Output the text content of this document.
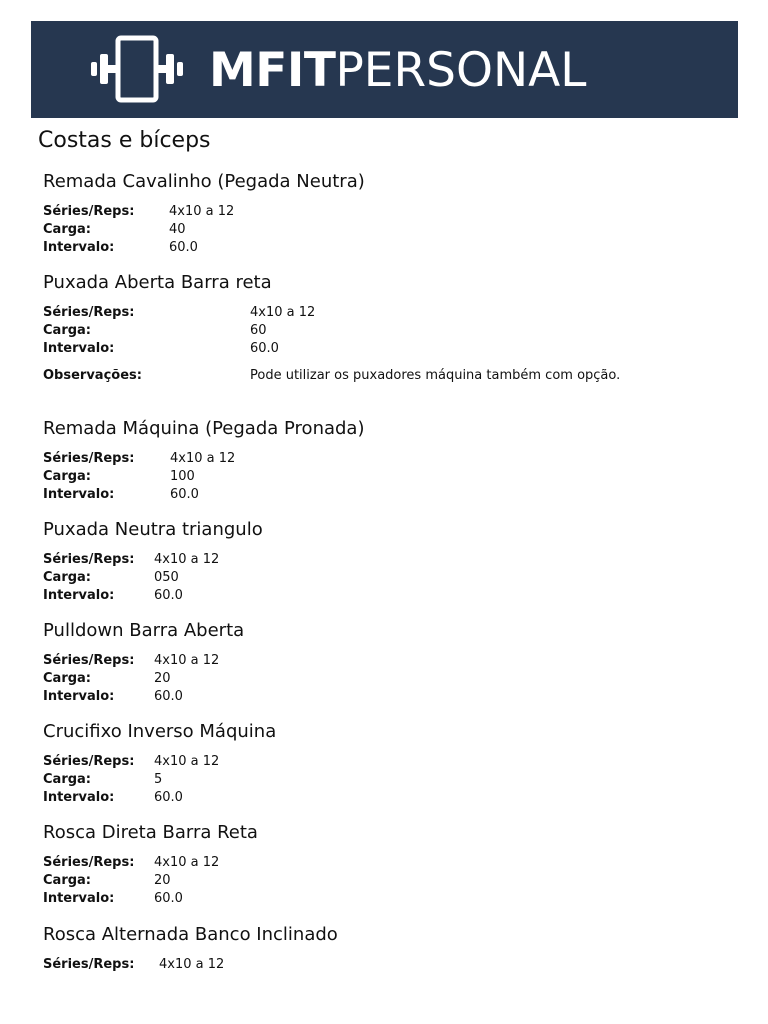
MFIT PERSONAL
Costas e bíceps
Remada Cavalinho (Pegada Neutra)
Séries/Reps:	4x10 a 12
Carga:	40
Intervalo:	60.0
Puxada Aberta Barra reta
Séries/Reps:	4x10 a 12
Carga:	60
Intervalo:	60.0
Observações:	Pode utilizar os puxadores máquina também com opção.
Remada Máquina (Pegada Pronada)
Séries/Reps:	4x10 a 12
Carga:	100
Intervalo:	60.0
Puxada Neutra triangulo
Séries/Reps:	4x10 a 12
Carga:	050
Intervalo:	60.0
Pulldown Barra Aberta
Séries/Reps:	4x10 a 12
Carga:	20
Intervalo:	60.0
Crucifixo Inverso Máquina
Séries/Reps:	4x10 a 12
Carga:	5
Intervalo:	60.0
Rosca Direta Barra Reta
Séries/Reps:	4x10 a 12
Carga:	20
Intervalo:	60.0
Rosca Alternada Banco Inclinado
Séries/Reps:	4x10 a 12
